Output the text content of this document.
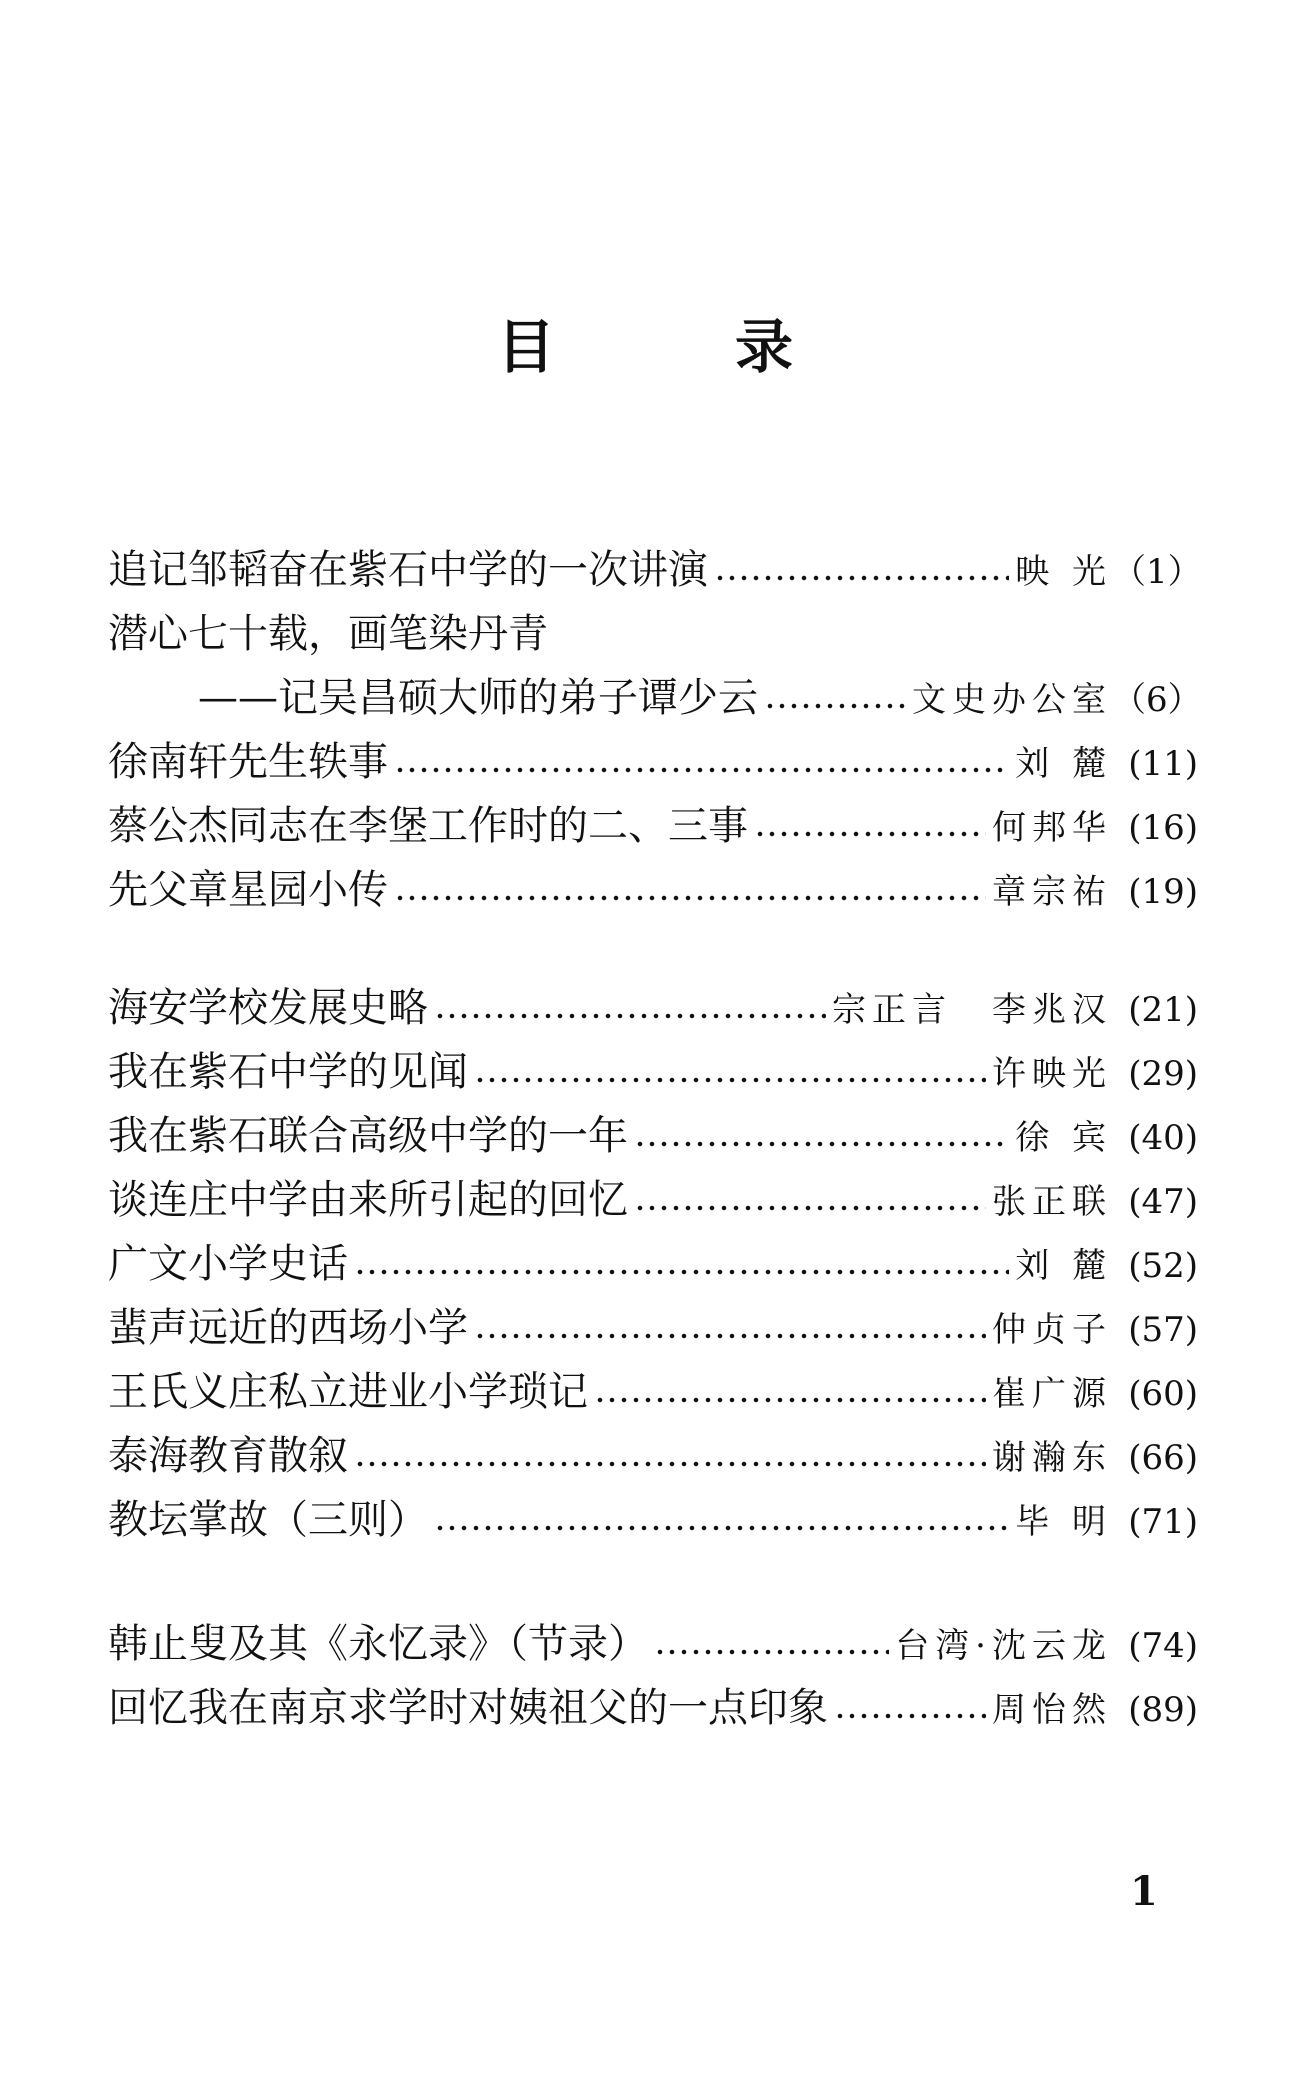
目	录
追记邹韬奋在紫石中学的一次讲演	映 光 （1）
潜心七十载，画笔染丹青
——记吴昌硕大师的弟子谭少云	文史办公室 （6）
徐南轩先生轶事	刘 麓 (11)
蔡公杰同志在李堡工作时的二、三事	何邦华 (16)
先父章星园小传	章宗祐 (19)
海安学校发展史略	宗正言　李兆汉 (21)
我在紫石中学的见闻	许映光 (29)
我在紫石联合高级中学的一年	徐 宾 (40)
谈连庄中学由来所引起的回忆	张正联 (47)
广文小学史话	刘 麓 (52)
蜚声远近的西场小学	仲贞子 (57)
王氏义庄私立进业小学琐记	崔广源 (60)
泰海教育散叙	谢瀚东 (66)
教坛掌故（三则）	毕 明 (71)
韩止叟及其《永忆录》（节录）	台湾·沈云龙 (74)
回忆我在南京求学时对姨祖父的一点印象	周怡然 (89)
1
